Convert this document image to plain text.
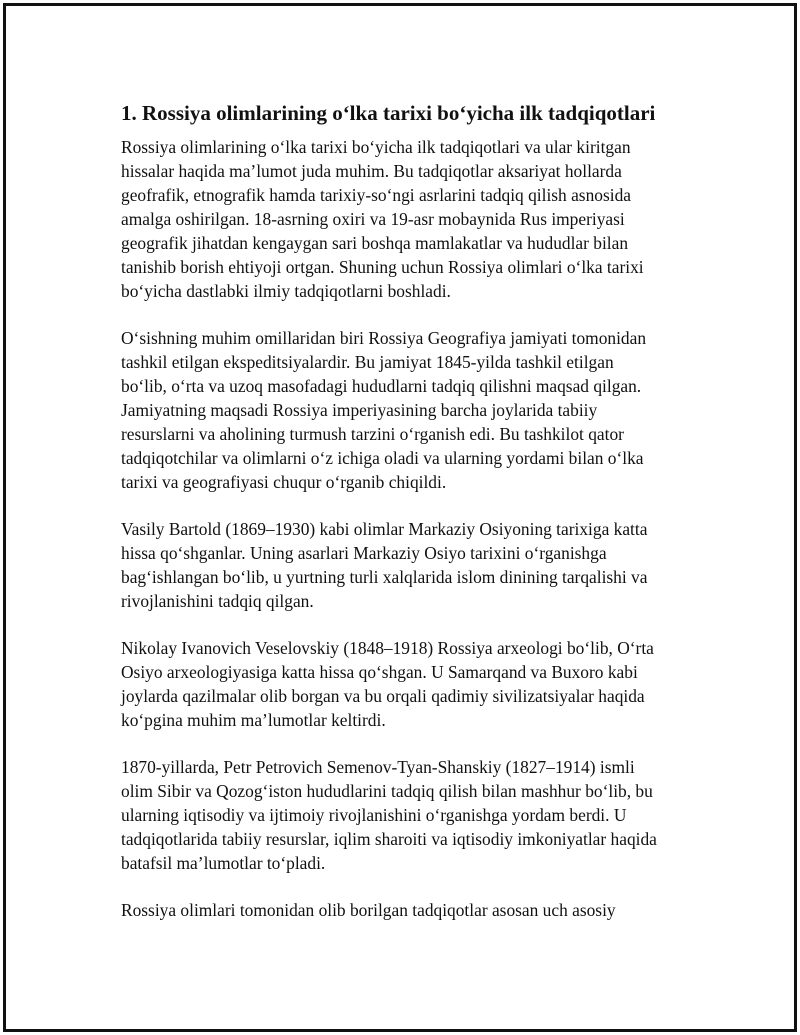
1. Rossiya olimlarining o‘lka tarixi bo‘yicha ilk tadqiqotlari

Rossiya olimlarining o‘lka tarixi bo‘yicha ilk tadqiqotlari va ular kiritgan
hissalar haqida ma’lumot juda muhim. Bu tadqiqotlar aksariyat hollarda
geofrafik, etnografik hamda tarixiy-so‘ngi asrlarini tadqiq qilish asnosida
amalga oshirilgan. 18-asrning oxiri va 19-asr mobaynida Rus imperiyasi
geografik jihatdan kengaygan sari boshqa mamlakatlar va hududlar bilan
tanishib borish ehtiyoji ortgan. Shuning uchun Rossiya olimlari o‘lka tarixi
bo‘yicha dastlabki ilmiy tadqiqotlarni boshladi.

O‘sishning muhim omillaridan biri Rossiya Geografiya jamiyati tomonidan
tashkil etilgan ekspeditsiyalardir. Bu jamiyat 1845-yilda tashkil etilgan
bo‘lib, o‘rta va uzoq masofadagi hududlarni tadqiq qilishni maqsad qilgan.
Jamiyatning maqsadi Rossiya imperiyasining barcha joylarida tabiiy
resurslarni va aholining turmush tarzini o‘rganish edi. Bu tashkilot qator
tadqiqotchilar va olimlarni o‘z ichiga oladi va ularning yordami bilan o‘lka
tarixi va geografiyasi chuqur o‘rganib chiqildi.

Vasily Bartold (1869–1930) kabi olimlar Markaziy Osiyoning tarixiga katta
hissa qo‘shganlar. Uning asarlari Markaziy Osiyo tarixini o‘rganishga
bag‘ishlangan bo‘lib, u yurtning turli xalqlarida islom dinining tarqalishi va
rivojlanishini tadqiq qilgan.

Nikolay Ivanovich Veselovskiy (1848–1918) Rossiya arxeologi bo‘lib, O‘rta
Osiyo arxeologiyasiga katta hissa qo‘shgan. U Samarqand va Buxoro kabi
joylarda qazilmalar olib borgan va bu orqali qadimiy sivilizatsiyalar haqida
ko‘pgina muhim ma’lumotlar keltirdi.

1870-yillarda, Petr Petrovich Semenov-Tyan-Shanskiy (1827–1914) ismli
olim Sibir va Qozog‘iston hududlarini tadqiq qilish bilan mashhur bo‘lib, bu
ularning iqtisodiy va ijtimoiy rivojlanishini o‘rganishga yordam berdi. U
tadqiqotlarida tabiiy resurslar, iqlim sharoiti va iqtisodiy imkoniyatlar haqida
batafsil ma’lumotlar to‘pladi.

Rossiya olimlari tomonidan olib borilgan tadqiqotlar asosan uch asosiy
